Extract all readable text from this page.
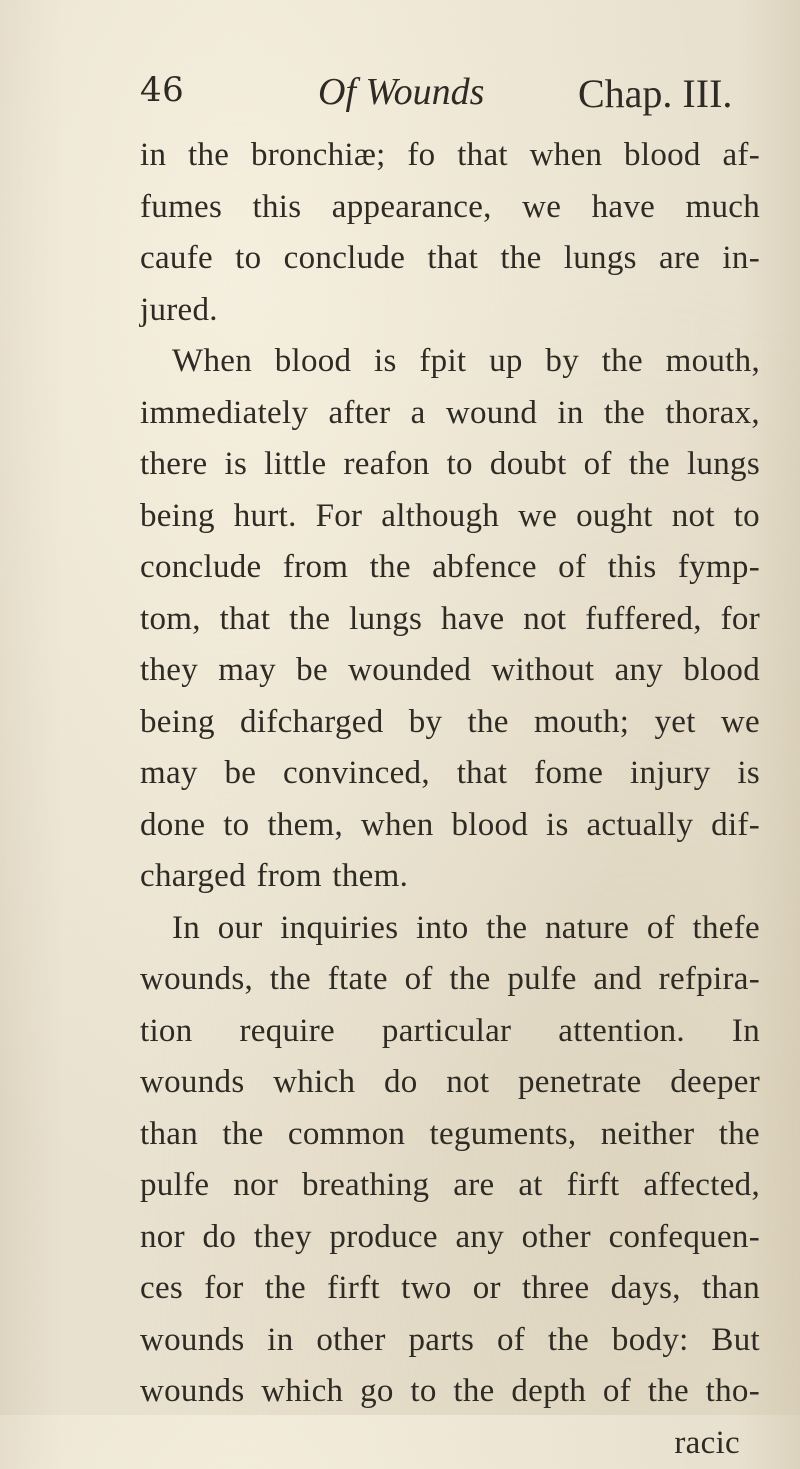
46	Of Wounds Chap. III.
in the bronchiæ; fo that when blood af-
fumes this appearance, we have much
caufe to conclude that the lungs are in-
jured.
When blood is fpit up by the mouth,
immediately after a wound in the thorax,
there is little reafon to doubt of the lungs
being hurt. For although we ought not to
conclude from the abfence of this fymp-
tom, that the lungs have not fuffered, for
they may be wounded without any blood
being difcharged by the mouth; yet we
may be convinced, that fome injury is
done to them, when blood is actually dif-
charged from them.
In our inquiries into the nature of thefe
wounds, the ftate of the pulfe and refpira-
tion require particular attention. In
wounds which do not penetrate deeper
than the common teguments, neither the
pulfe nor breathing are at firft affected,
nor do they produce any other confequen-
ces for the firft two or three days, than
wounds in other parts of the body: But
wounds which go to the depth of the tho-
racic
